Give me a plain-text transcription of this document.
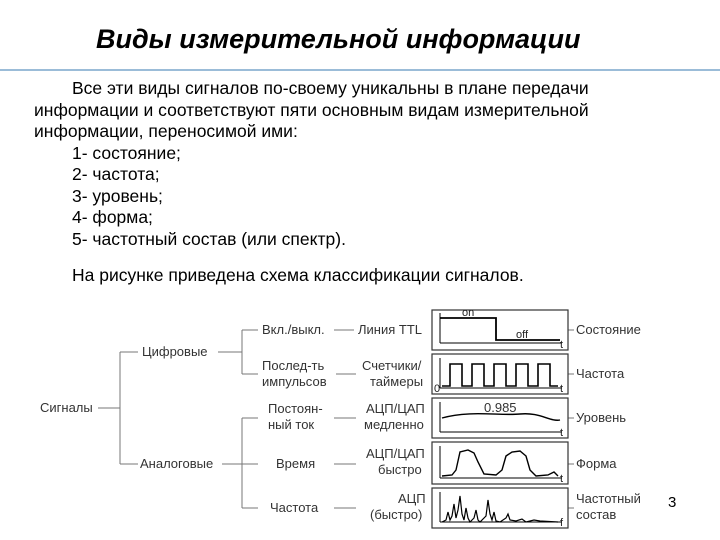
Виды измерительной информации

Все эти виды сигналов по-своему уникальны в плане передачи информации и соответствуют пяти основным видам измерительной информации, переносимой ими:

1- состояние;

2- частота;

3- уровень;

4- форма;

5- частотный состав (или спектр).

На рисунке приведена схема классификации сигналов.
Сигналы
Цифровые
Аналоговые
Вкл./выкл.
Послед-ть
импульсов
Постоян-
ный ток
Время
Частота
Линия TTL
Счетчики/
таймеры
АЦП/ЦАП
медленно
АЦП/ЦАП
быстро
АЦП
(быстро)
Состояние
Частота
Уровень
Форма
Частотный
состав
on
off
t
0	t
0.985
t
t
f
3
